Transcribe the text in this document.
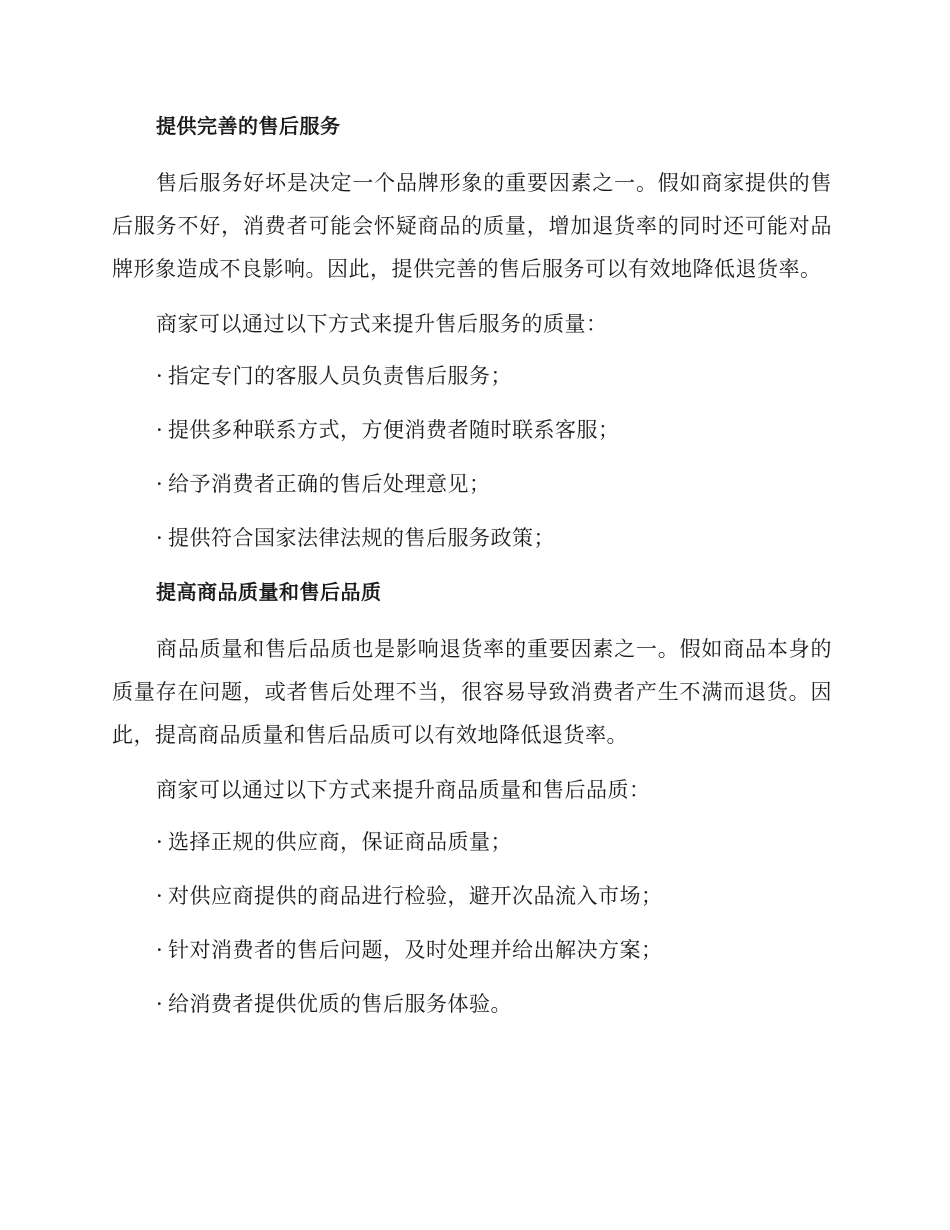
提供完善的售后服务

售后服务好坏是决定一个品牌形象的重要因素之一。假如商家提供的售后服务不好，消费者可能会怀疑商品的质量，增加退货率的同时还可能对品牌形象造成不良影响。因此，提供完善的售后服务可以有效地降低退货率。

商家可以通过以下方式来提升售后服务的质量：

· 指定专门的客服人员负责售后服务；
· 提供多种联系方式，方便消费者随时联系客服；
· 给予消费者正确的售后处理意见；
· 提供符合国家法律法规的售后服务政策；
提高商品质量和售后品质

商品质量和售后品质也是影响退货率的重要因素之一。假如商品本身的质量存在问题，或者售后处理不当，很容易导致消费者产生不满而退货。因此，提高商品质量和售后品质可以有效地降低退货率。

商家可以通过以下方式来提升商品质量和售后品质：

· 选择正规的供应商，保证商品质量；
· 对供应商提供的商品进行检验，避开次品流入市场；
· 针对消费者的售后问题，及时处理并给出解决方案；
· 给消费者提供优质的售后服务体验。
